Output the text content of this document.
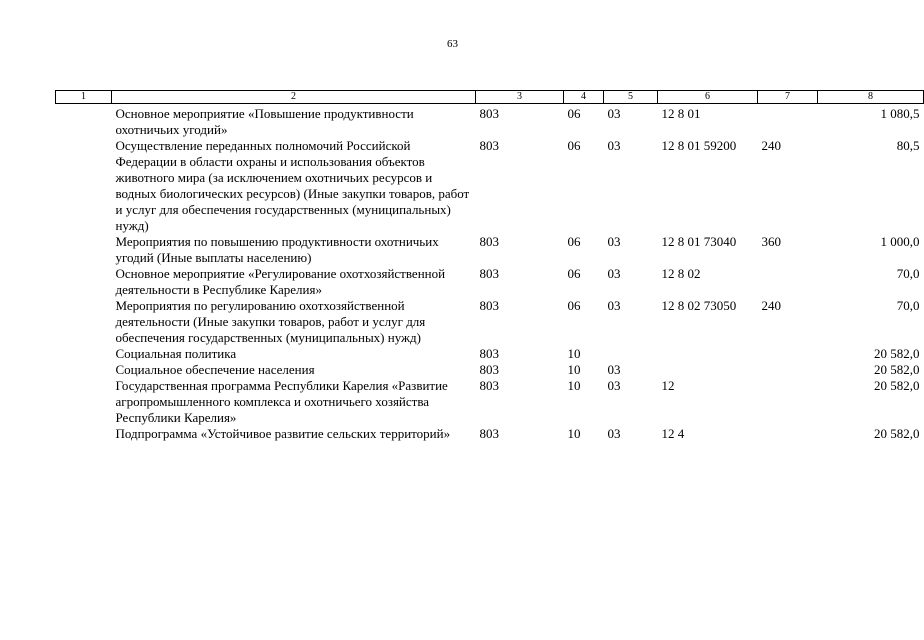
63
1	2	3	4	5	6	7	8
	Основное мероприятие «Повышение продуктивности охотничьих угодий»	803	06	03	12 8 01		1 080,5
	Осуществление переданных полномочий Российской Федерации в области охраны и использования объектов животного мира (за исключением охотничьих ресурсов и водных биологических ресурсов) (Иные закупки товаров, работ и услуг для обеспечения государственных (муниципальных) нужд)	803	06	03	12 8 01 59200	240	80,5
	Мероприятия по повышению продуктивности охотничьих угодий (Иные выплаты населению)	803	06	03	12 8 01 73040	360	1 000,0
	Основное мероприятие «Регулирование охотхозяйственной деятельности в Республике Карелия»	803	06	03	12 8 02		70,0
	Мероприятия по регулированию охотхозяйственной деятельности (Иные закупки товаров, работ и услуг для обеспечения государственных (муниципальных) нужд)	803	06	03	12 8 02 73050	240	70,0
	Социальная политика	803	10				20 582,0
	Социальное обеспечение населения	803	10	03			20 582,0
	Государственная программа Республики Карелия «Развитие агропромышленного комплекса и охотничьего хозяйства Республики Карелия»	803	10	03	12		20 582,0
	Подпрограмма «Устойчивое развитие сельских территорий»	803	10	03	12 4		20 582,0
